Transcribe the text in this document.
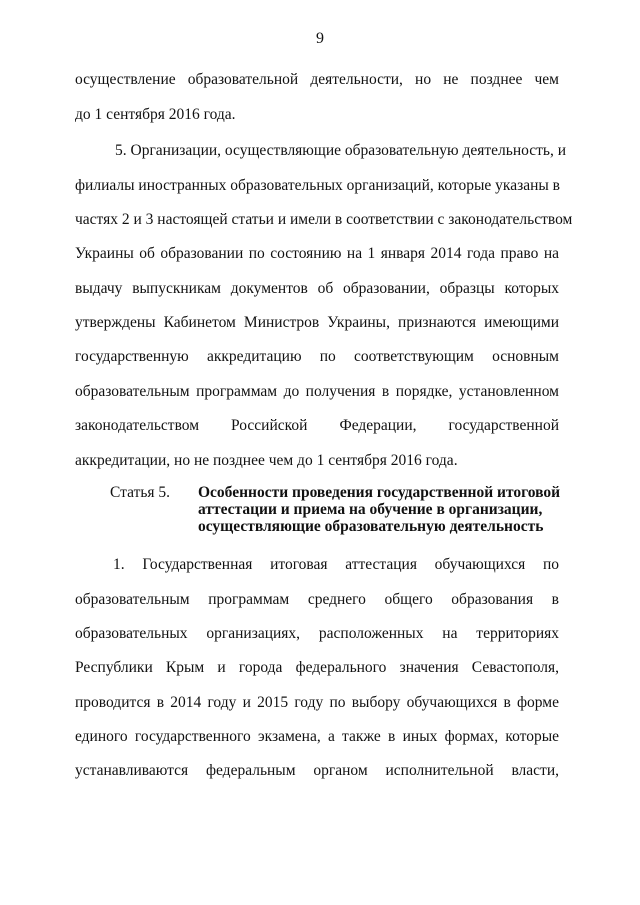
9
осуществление образовательной деятельности, но не позднее чем
до 1 сентября 2016 года.
5. Организации, осуществляющие образовательную деятельность, и
филиалы иностранных образовательных организаций, которые указаны в
частях 2 и 3 настоящей статьи и имели в соответствии с законодательством
Украины об образовании по состоянию на 1 января 2014 года право на
выдачу выпускникам документов об образовании, образцы которых
утверждены Кабинетом Министров Украины, признаются имеющими
государственную аккредитацию по соответствующим основным
образовательным программам до получения в порядке, установленном
законодательством Российской Федерации, государственной
аккредитации, но не позднее чем до 1 сентября 2016 года.
Статья 5. Особенности проведения государственной итоговой
аттестации и приема на обучение в организации,
осуществляющие образовательную деятельность
1. Государственная итоговая аттестация обучающихся по
образовательным программам среднего общего образования в
образовательных организациях, расположенных на территориях
Республики Крым и города федерального значения Севастополя,
проводится в 2014 году и 2015 году по выбору обучающихся в форме
единого государственного экзамена, а также в иных формах, которые
устанавливаются федеральным органом исполнительной власти,
